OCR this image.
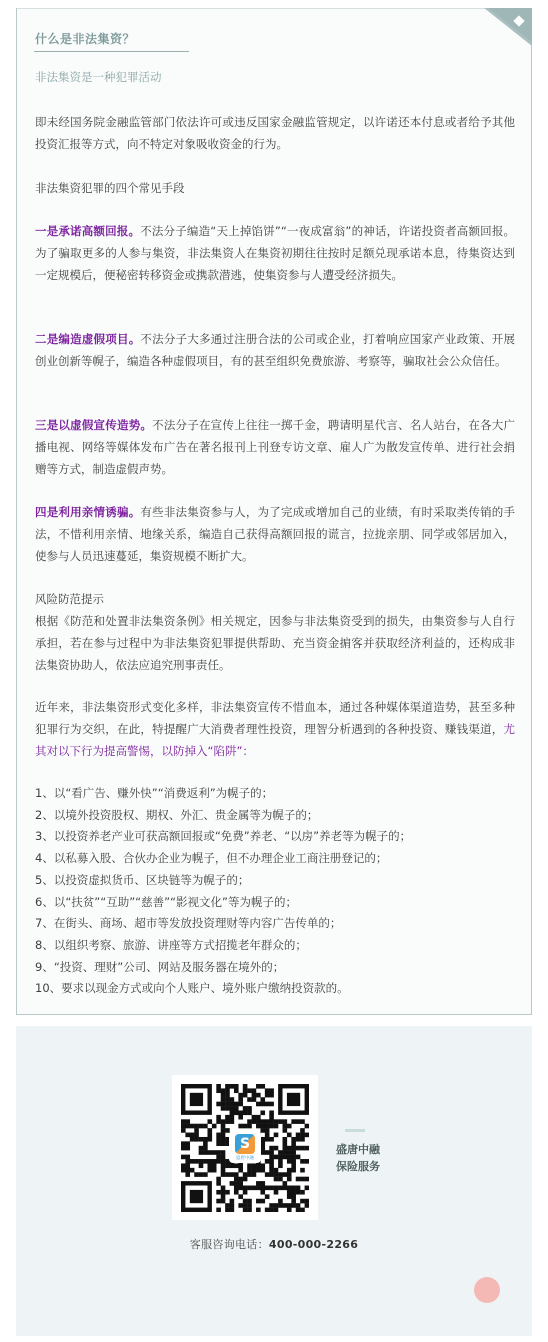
什么是非法集资？
非法集资是一种犯罪活动

即未经国务院金融监管部门依法许可或违反国家金融监管规定，以许诺还本付息或者给予其他投资汇报等方式，向不特定对象吸收资金的行为。

非法集资犯罪的四个常见手段

一是承诺高额回报。不法分子编造“天上掉馅饼”“一夜成富翁”的神话，许诺投资者高额回报。为了骗取更多的人参与集资，非法集资人在集资初期往往按时足额兑现承诺本息，待集资达到一定规模后，便秘密转移资金或携款潜逃，使集资参与人遭受经济损失。

二是编造虚假项目。不法分子大多通过注册合法的公司或企业，打着响应国家产业政策、开展创业创新等幌子，编造各种虚假项目，有的甚至组织免费旅游、考察等，骗取社会公众信任。

三是以虚假宣传造势。不法分子在宣传上往往一掷千金，聘请明星代言、名人站台，在各大广播电视、网络等媒体发布广告在著名报刊上刊登专访文章、雇人广为散发宣传单、进行社会捐赠等方式，制造虚假声势。

四是利用亲情诱骗。有些非法集资参与人，为了完成或增加自己的业绩，有时采取类传销的手法，不惜利用亲情、地缘关系，编造自己获得高额回报的谎言，拉拢亲朋、同学或邻居加入，使参与人员迅速蔓延，集资规模不断扩大。

风险防范提示

根据《防范和处置非法集资条例》相关规定，因参与非法集资受到的损失，由集资参与人自行承担，若在参与过程中为非法集资犯罪提供帮助、充当资金掮客并获取经济利益的，还构成非法集资协助人，依法应追究刑事责任。

近年来，非法集资形式变化多样，非法集资宣传不惜血本，通过各种媒体渠道造势，甚至多种犯罪行为交织，在此，特提醒广大消费者理性投资，理智分析遇到的各种投资、赚钱渠道，尤其对以下行为提高警惕，以防掉入“陷阱”：

1、以“看广告、赚外快”“消费返利”为幌子的；
2、以境外投资股权、期权、外汇、贵金属等为幌子的；
3、以投资养老产业可获高额回报或“免费”养老、“以房”养老等为幌子的；
4、以私募入股、合伙办企业为幌子，但不办理企业工商注册登记的；
5、以投资虚拟货币、区块链等为幌子的；
6、以“扶贫”“互助”“慈善”“影视文化”等为幌子的；
7、在街头、商场、超市等发放投资理财等内容广告传单的；
8、以组织考察、旅游、讲座等方式招揽老年群众的；
9、“投资、理财”公司、网站及服务器在境外的；
10、要求以现金方式或向个人账户、境外账户缴纳投资款的。
S
盛唐中融
盛唐中融
保险服务
客服咨询电话：400-000-2266
